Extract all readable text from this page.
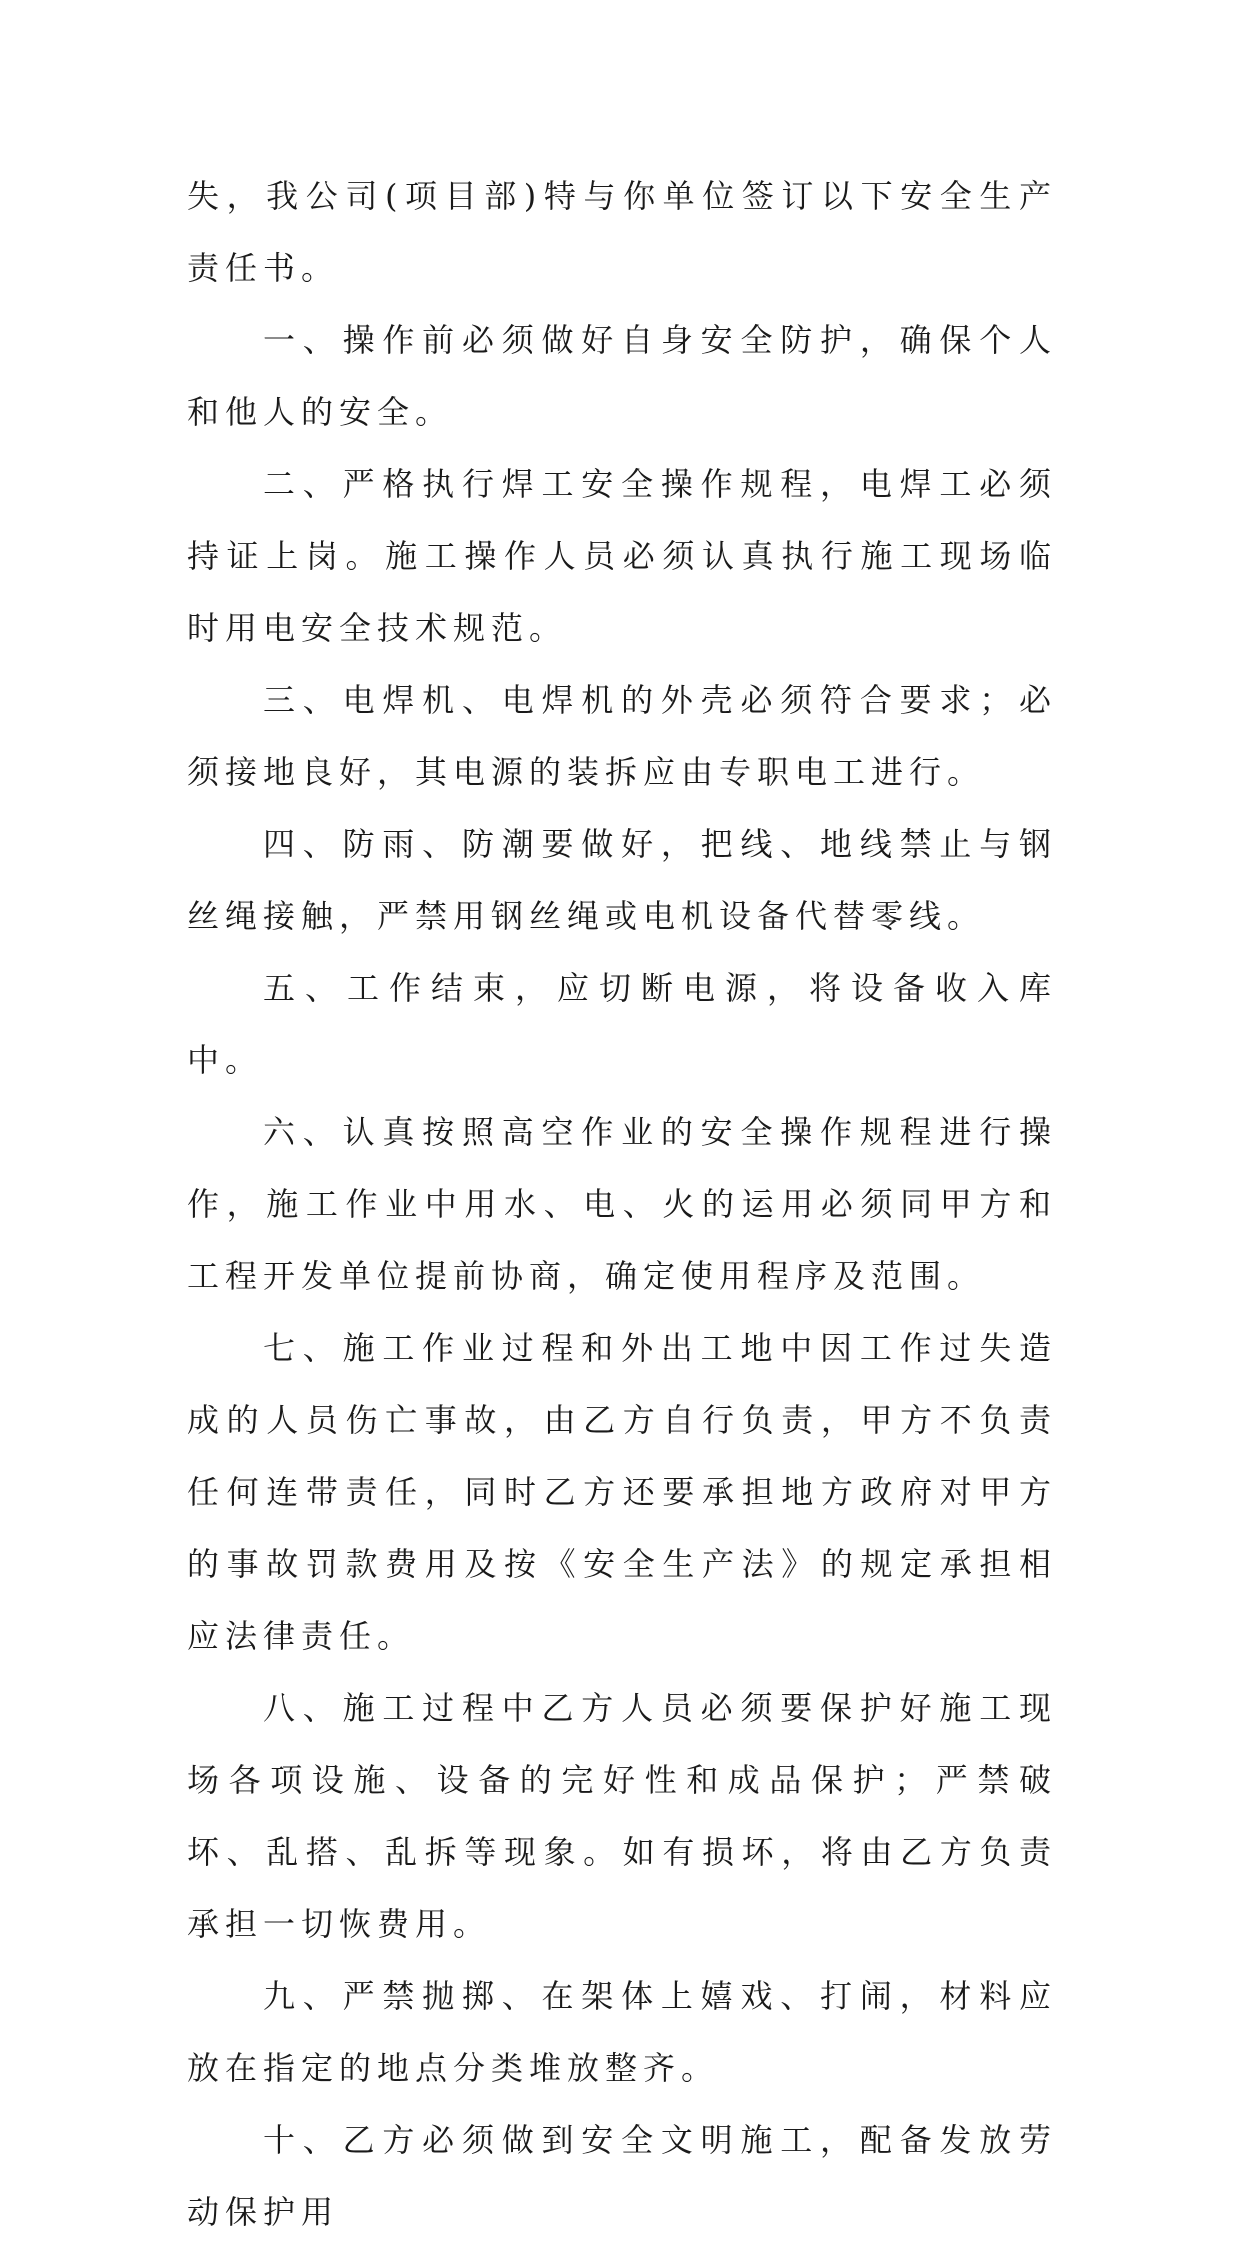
失，我公司(项目部)特与你单位签订以下安全生产责任书。

一、操作前必须做好自身安全防护，确保个人和他人的安全。

二、严格执行焊工安全操作规程，电焊工必须持证上岗。施工操作人员必须认真执行施工现场临时用电安全技术规范。

三、电焊机、电焊机的外壳必须符合要求；必须接地良好，其电源的装拆应由专职电工进行。

四、防雨、防潮要做好，把线、地线禁止与钢丝绳接触，严禁用钢丝绳或电机设备代替零线。

五、工作结束，应切断电源，将设备收入库中。

六、认真按照高空作业的安全操作规程进行操作，施工作业中用水、电、火的运用必须同甲方和工程开发单位提前协商，确定使用程序及范围。

七、施工作业过程和外出工地中因工作过失造成的人员伤亡事故，由乙方自行负责，甲方不负责任何连带责任，同时乙方还要承担地方政府对甲方的事故罚款费用及按《安全生产法》的规定承担相应法律责任。

八、施工过程中乙方人员必须要保护好施工现场各项设施、设备的完好性和成品保护；严禁破坏、乱搭、乱拆等现象。如有损坏，将由乙方负责承担一切恢费用。

九、严禁抛掷、在架体上嬉戏、打闹，材料应放在指定的地点分类堆放整齐。

十、乙方必须做到安全文明施工，配备发放劳动保护用
